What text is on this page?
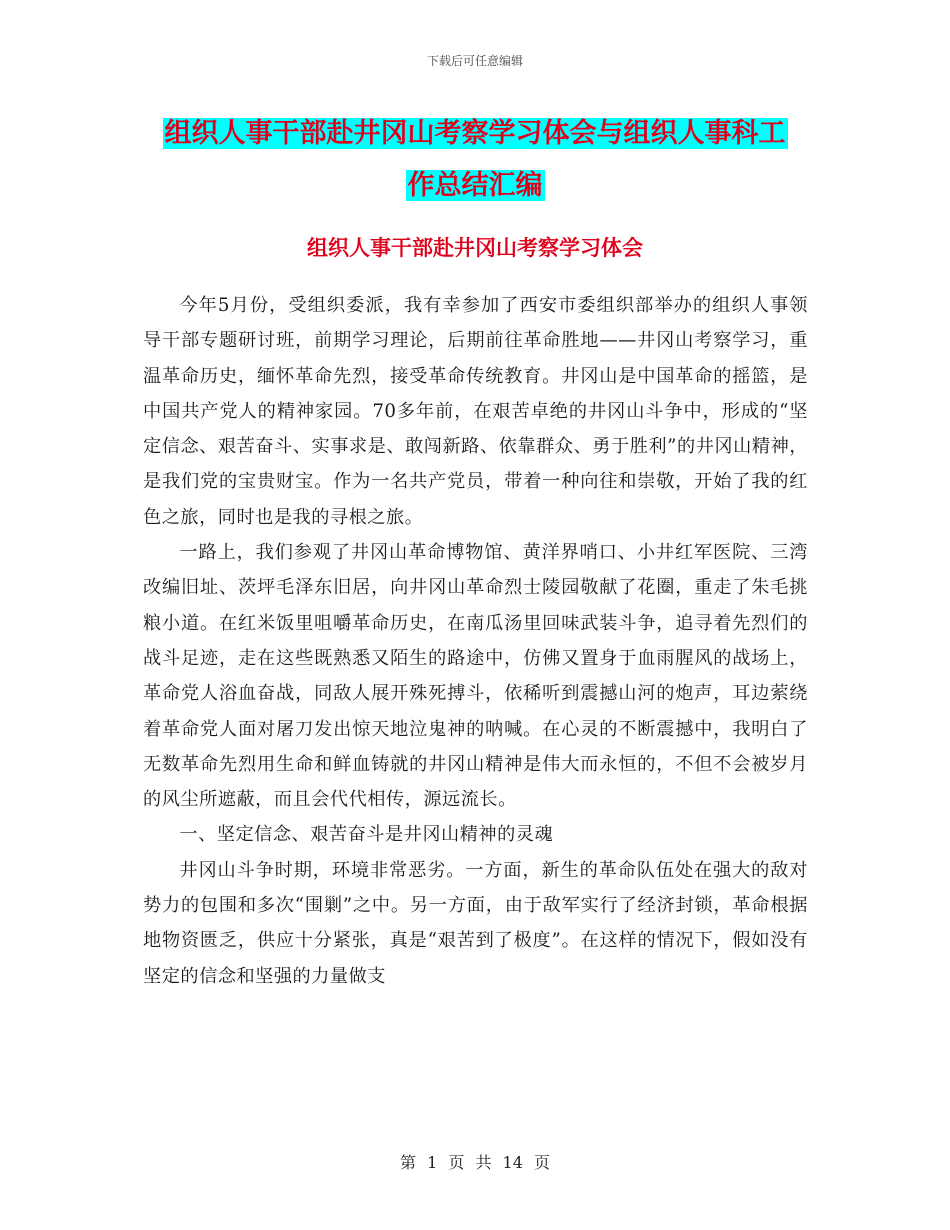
下载后可任意编辑
组织人事干部赴井冈山考察学习体会与组织人事科工
作总结汇编
组织人事干部赴井冈山考察学习体会

今年5月份，受组织委派，我有幸参加了西安市委组织部举办的组织人事领导干部专题研讨班，前期学习理论，后期前往革命胜地——井冈山考察学习，重温革命历史，缅怀革命先烈，接受革命传统教育。井冈山是中国革命的摇篮，是中国共产党人的精神家园。70多年前，在艰苦卓绝的井冈山斗争中，形成的“坚定信念、艰苦奋斗、实事求是、敢闯新路、依靠群众、勇于胜利”的井冈山精神，是我们党的宝贵财宝。作为一名共产党员，带着一种向往和崇敬，开始了我的红色之旅，同时也是我的寻根之旅。

一路上，我们参观了井冈山革命博物馆、黄洋界哨口、小井红军医院、三湾改编旧址、茨坪毛泽东旧居，向井冈山革命烈士陵园敬献了花圈，重走了朱毛挑粮小道。在红米饭里咀嚼革命历史，在南瓜汤里回味武装斗争，追寻着先烈们的战斗足迹，走在这些既熟悉又陌生的路途中，仿佛又置身于血雨腥风的战场上，革命党人浴血奋战，同敌人展开殊死搏斗，依稀听到震撼山河的炮声，耳边萦绕着革命党人面对屠刀发出惊天地泣鬼神的呐喊。在心灵的不断震撼中，我明白了无数革命先烈用生命和鲜血铸就的井冈山精神是伟大而永恒的，不但不会被岁月的风尘所遮蔽，而且会代代相传，源远流长。

一、坚定信念、艰苦奋斗是井冈山精神的灵魂

井冈山斗争时期，环境非常恶劣。一方面，新生的革命队伍处在强大的敌对势力的包围和多次“围剿”之中。另一方面，由于敌军实行了经济封锁，革命根据地物资匮乏，供应十分紧张，真是“艰苦到了极度”。在这样的情况下，假如没有坚定的信念和坚强的力量做支

第 1 页 共 14 页
